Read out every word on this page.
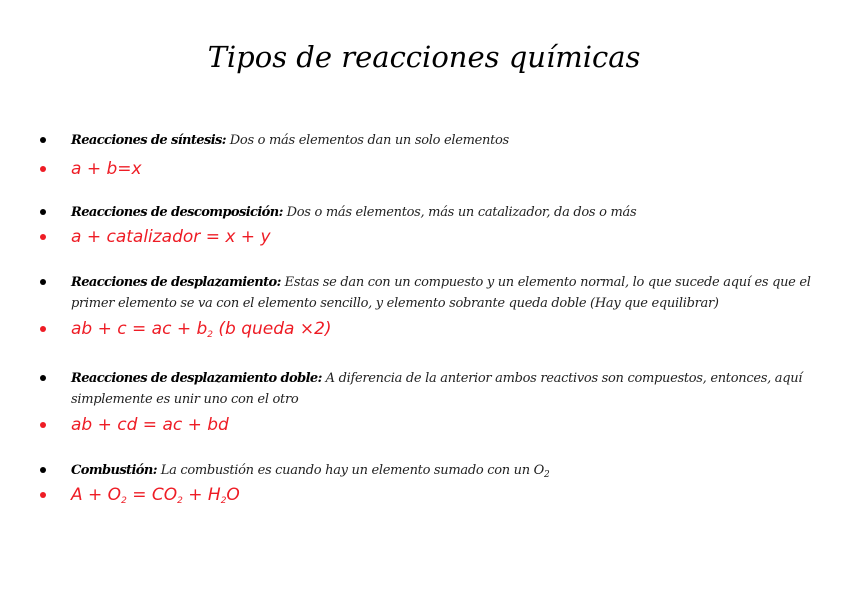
Tipos de reacciones químicas
Reacciones de síntesis: Dos o más elementos dan un solo elementos
a + b=x
Reacciones de descomposición: Dos o más elementos, más un catalizador, da dos o más
a + catalizador = x + y
Reacciones de desplazamiento: Estas se dan con un compuesto y un elemento normal, lo que sucede aquí es que el primer elemento se va con el elemento sencillo, y elemento sobrante queda doble (Hay que equilibrar)
ab + c = ac + $b_2$ (b queda ×2)
Reacciones de desplazamiento doble: A diferencia de la anterior ambos reactivos son compuestos, entonces, aquí simplemente es unir uno con el otro
ab + cd = ac + bd
Combustión: La combustión es cuando hay un elemento sumado con un $O_2$
$A + O_2 = CO_2 + H_2O$
